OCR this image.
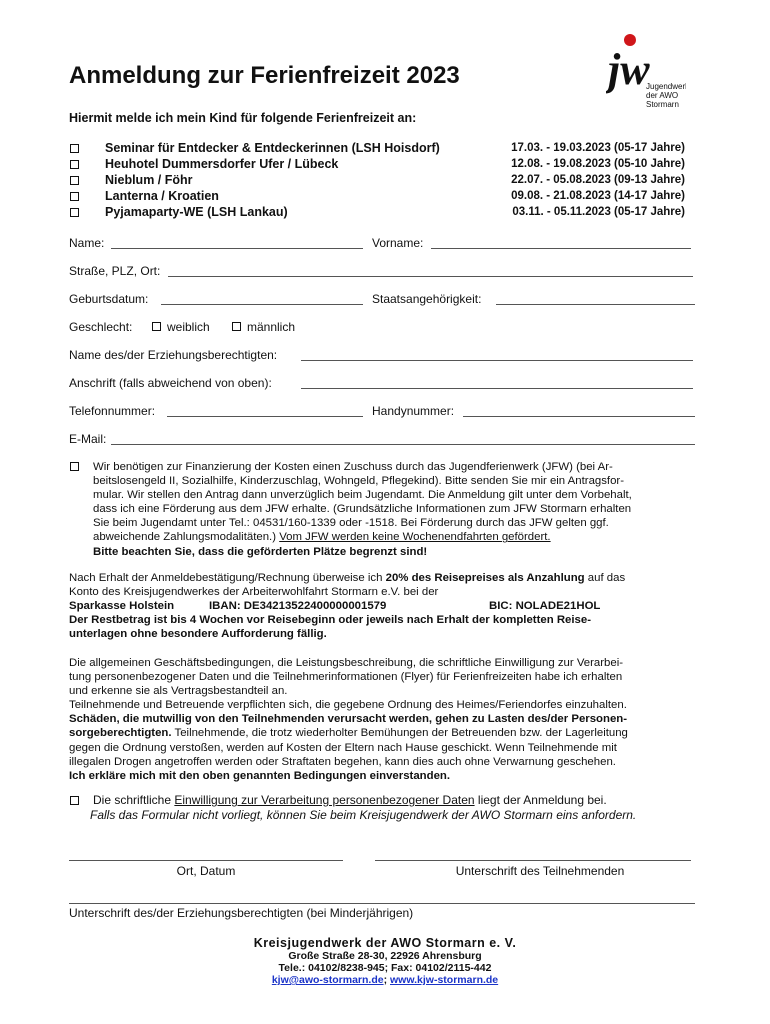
Anmeldung zur Ferienfreizeit 2023	jw
Jugendwerk
der AWO
Stormarn
Hiermit melde ich mein Kind für folgende Ferienfreizeit an:
Seminar für Entdecker & Entdeckerinnen (LSH Hoisdorf)	17.03. - 19.03.2023 (05-17 Jahre)
Heuhotel Dummersdorfer Ufer / Lübeck	12.08. - 19.08.2023 (05-10 Jahre)
Nieblum / Föhr	22.07. - 05.08.2023 (09-13 Jahre)
Lanterna / Kroatien	09.08. - 21.08.2023 (14-17 Jahre)
Pyjamaparty-WE (LSH Lankau)	03.11. - 05.11.2023 (05-17 Jahre)
Name:	Vorname:
Straße, PLZ, Ort:
Geburtsdatum:	Staatsangehörigkeit:
Geschlecht:	weiblich	männlich
Name des/der Erziehungsberechtigten:
Anschrift (falls abweichend von oben):
Telefonnummer:	Handynummer:
E-Mail:

Wir benötigen zur Finanzierung der Kosten einen Zuschuss durch das Jugendferienwerk (JFW) (bei Ar-

beitslosengeld II, Sozialhilfe, Kinderzuschlag, Wohngeld, Pflegekind). Bitte senden Sie mir ein Antragsfor-

mular. Wir stellen den Antrag dann unverzüglich beim Jugendamt. Die Anmeldung gilt unter dem Vorbehalt,

dass ich eine Förderung aus dem JFW erhalte. (Grundsätzliche Informationen zum JFW Stormarn erhalten

Sie beim Jugendamt unter Tel.: 04531/160-1339 oder -1518. Bei Förderung durch das JFW gelten ggf.

abweichende Zahlungsmodalitäten.) Vom JFW werden keine Wochenendfahrten gefördert.

Bitte beachten Sie, dass die geförderten Plätze begrenzt sind!

Nach Erhalt der Anmeldebestätigung/Rechnung überweise ich 20% des Reisepreises als Anzahlung auf das

Konto des Kreisjugendwerkes der Arbeiterwohlfahrt Stormarn e.V. bei der

Sparkasse Holstein	IBAN: DE34213522400000001579	BIC: NOLADE21HOL

Der Restbetrag ist bis 4 Wochen vor Reisebeginn oder jeweils nach Erhalt der kompletten Reise-

unterlagen ohne besondere Aufforderung fällig.

Die allgemeinen Geschäftsbedingungen, die Leistungsbeschreibung, die schriftliche Einwilligung zur Verarbei-

tung personenbezogener Daten und die Teilnehmerinformationen (Flyer) für Ferienfreizeiten habe ich erhalten

und erkenne sie als Vertragsbestandteil an.

Teilnehmende und Betreuende verpflichten sich, die gegebene Ordnung des Heimes/Feriendorfes einzuhalten.

Schäden, die mutwillig von den Teilnehmenden verursacht werden, gehen zu Lasten des/der Personen-

sorgeberechtigten. Teilnehmende, die trotz wiederholter Bemühungen der Betreuenden bzw. der Lagerleitung

gegen die Ordnung verstoßen, werden auf Kosten der Eltern nach Hause geschickt. Wenn Teilnehmende mit

illegalen Drogen angetroffen werden oder Straftaten begehen, kann dies auch ohne Verwarnung geschehen.

Ich erkläre mich mit den oben genannten Bedingungen einverstanden.

Die schriftliche Einwilligung zur Verarbeitung personenbezogener Daten liegt der Anmeldung bei.
Falls das Formular nicht vorliegt, können Sie beim Kreisjugendwerk der AWO Stormarn eins anfordern.
Ort, Datum	Unterschrift des Teilnehmenden
Unterschrift des/der Erziehungsberechtigten (bei Minderjährigen)
Kreisjugendwerk der AWO Stormarn e. V.
Große Straße 28-30, 22926 Ahrensburg
Tele.: 04102/8238-945; Fax: 04102/2115-442
kjw@awo-stormarn.de; www.kjw-stormarn.de
